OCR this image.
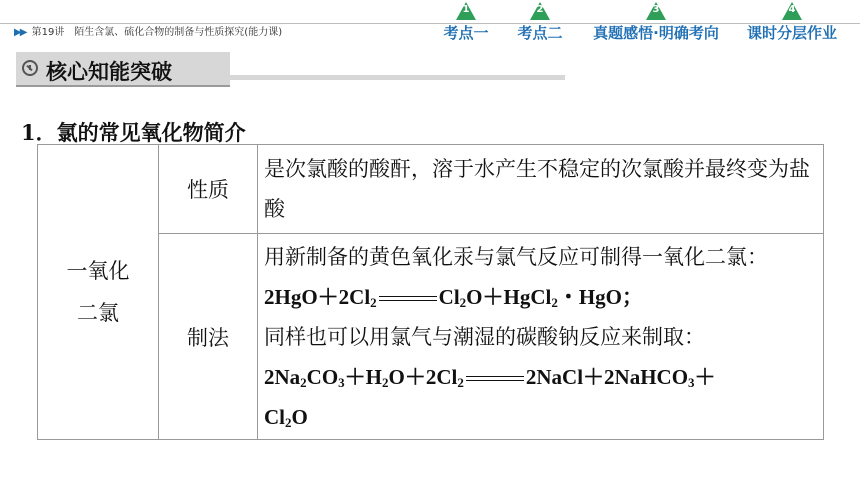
▶▶ 第19讲　陌生含氯、硫化合物的制备与性质探究(能力课)
1
考点一
2
考点二
3
真题感悟·明确考向
4
课时分层作业
核心知能突破
1．氯的常见氧化物简介
一氧化
二氯	性质	是次氯酸的酸酐，溶于水产生不稳定的次氯酸并最终变为盐酸
	制法	用新制备的黄色氧化汞与氯气反应可制得一氧化二氯：$2HgO+2Cl_2$ $Cl_2O+HgCl_2$・HgO；
同样也可以用氯气与潮湿的碳酸钠反应来制取：
$2Na_2CO_3+H_2O+2Cl_2$ 2NaCl＋2NaHCO$_3$＋
$Cl_2O$
